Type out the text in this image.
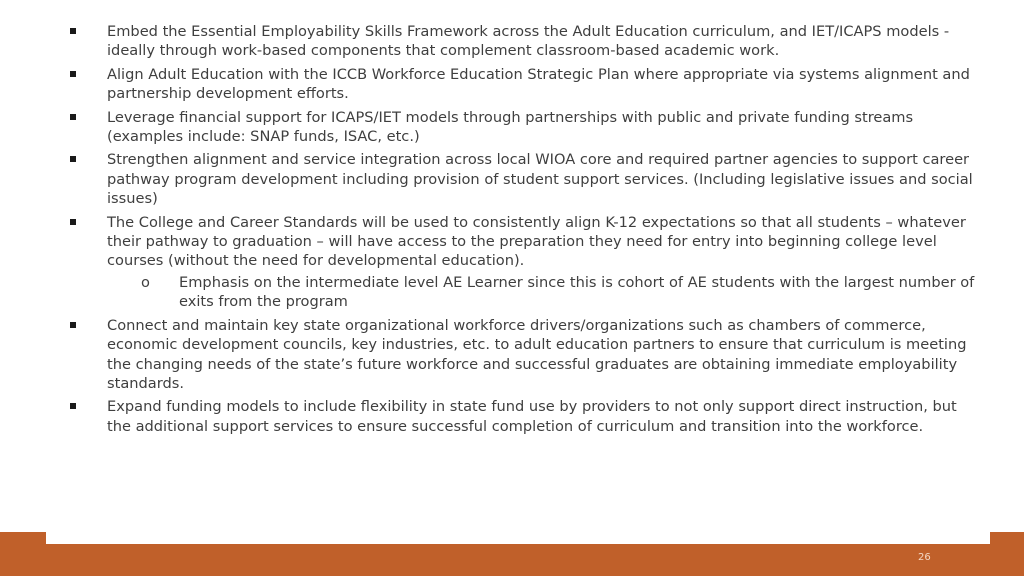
Embed the Essential Employability Skills Framework across the Adult Education curriculum, and IET/ICAPS models - ideally through work-based components that complement classroom-based academic work.
Align Adult Education with the ICCB Workforce Education Strategic Plan where appropriate via systems alignment and partnership development efforts.
Leverage financial support for ICAPS/IET models through partnerships with public and private funding streams (examples include: SNAP funds, ISAC, etc.)
Strengthen alignment and service integration across local WIOA core and required partner agencies to support career pathway program development including provision of student support services. (Including legislative issues and social issues)
The College and Career Standards will be used to consistently align K-12 expectations so that all students – whatever their pathway to graduation – will have access to the preparation they need for entry into beginning college level courses (without the need for developmental education).
o Emphasis on the intermediate level AE Learner since this is cohort of AE students with the largest number of exits from the program
Connect and maintain key state organizational workforce drivers/organizations such as chambers of commerce, economic development councils, key industries, etc. to adult education partners to ensure that curriculum is meeting the changing needs of the state’s future workforce and successful graduates are obtaining immediate employability standards.
Expand funding models to include flexibility in state fund use by providers to not only support direct instruction, but the additional support services to ensure successful completion of curriculum and transition into the workforce.
26
